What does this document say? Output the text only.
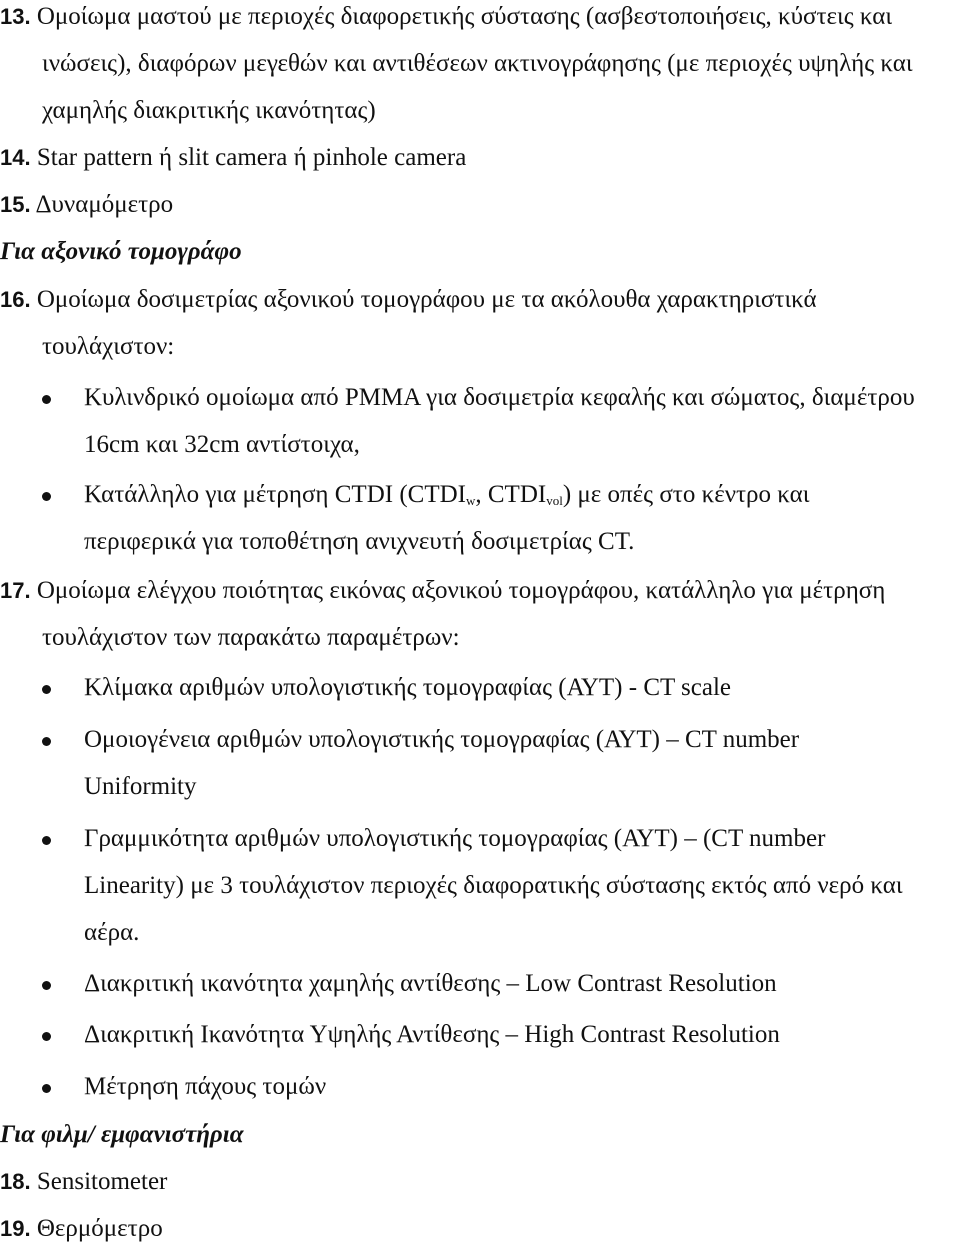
13. Ομοίωμα μαστού με περιοχές διαφορετικής σύστασης (ασβεστοποιήσεις, κύστεις και
ινώσεις), διαφόρων μεγεθών και αντιθέσεων ακτινογράφησης (με περιοχές υψηλής και
χαμηλής διακριτικής ικανότητας)
14. Star pattern ή slit camera ή pinhole camera
15. Δυναμόμετρο
Για αξονικό τομογράφο
16. Ομοίωμα δοσιμετρίας αξονικού τομογράφου με τα ακόλουθα χαρακτηριστικά
τουλάχιστον:
Κυλινδρικό ομοίωμα από PMMA για δοσιμετρία κεφαλής και σώματος, διαμέτρου
16cm και 32cm αντίστοιχα,
Κατάλληλο για μέτρηση CTDI ($CTDI_w$, $CTDI_{vol}$) με οπές στο κέντρο και
περιφερικά για τοποθέτηση ανιχνευτή δοσιμετρίας CT.
17. Ομοίωμα ελέγχου ποιότητας εικόνας αξονικού τομογράφου, κατάλληλο για μέτρηση
τουλάχιστον των παρακάτω παραμέτρων:
Κλίμακα αριθμών υπολογιστικής τομογραφίας (ΑΥΤ) - CT scale
Ομοιογένεια αριθμών υπολογιστικής τομογραφίας (ΑΥΤ) – CT number
Uniformity
Γραμμικότητα αριθμών υπολογιστικής τομογραφίας (ΑΥΤ) – (CT number
Linearity) με 3 τουλάχιστον περιοχές διαφορατικής σύστασης εκτός από νερό και
αέρα.
Διακριτική ικανότητα χαμηλής αντίθεσης – Low Contrast Resolution
Διακριτική Ικανότητα Υψηλής Αντίθεσης – High Contrast Resolution
Μέτρηση πάχους τομών
Για φιλμ/ εμφανιστήρια
18. Sensitometer
19. Θερμόμετρο
